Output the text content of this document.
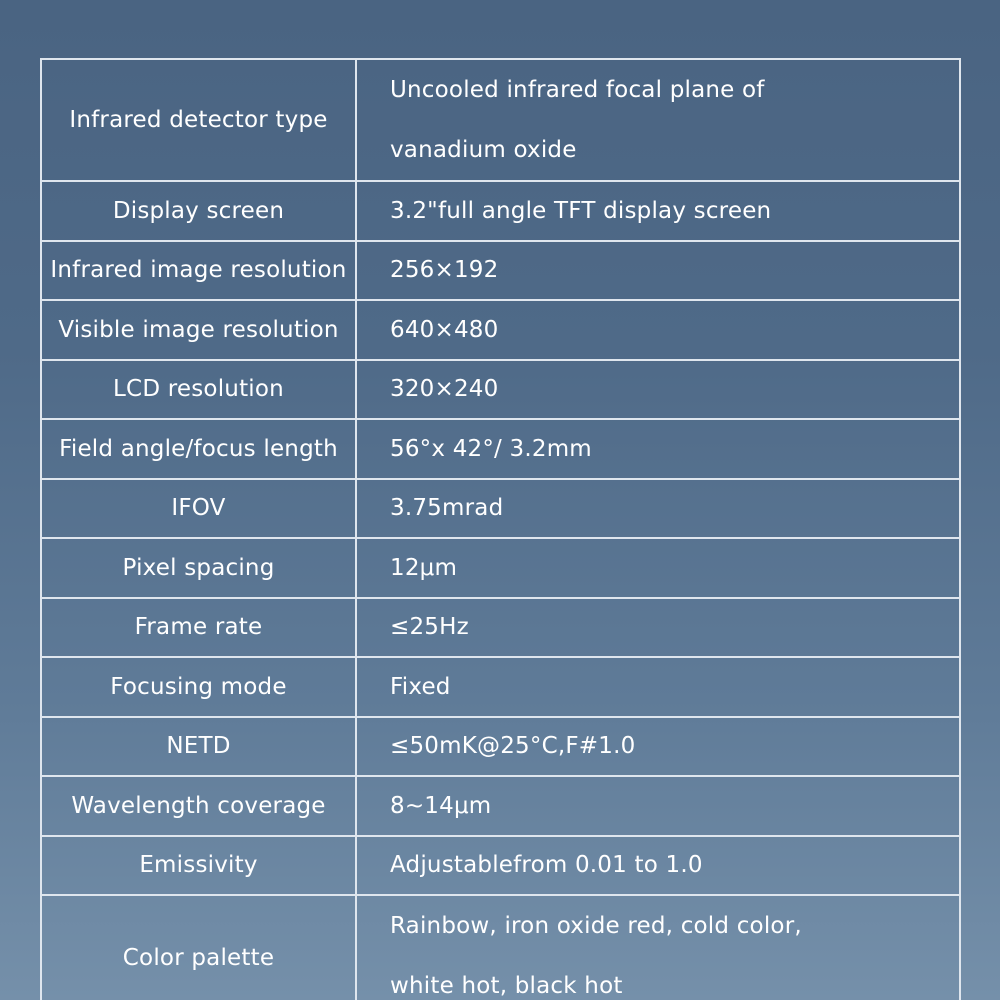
Infrared detector type	Uncooled infrared focal plane of
vanadium oxide

Display screen	3.2"full angle TFT display screen
Infrared image resolution	256×192
Visible image resolution	640×480
LCD resolution	320×240
Field angle/focus length	56°x 42°/ 3.2mm
IFOV	3.75mrad
Pixel spacing	12μm
Frame rate	≤25Hz
Focusing mode	Fixed
NETD	≤50mK@25°C,F#1.0
Wavelength coverage	8~14μm
Emissivity	Adjustablefrom 0.01 to 1.0
Color palette	Rainbow, iron oxide red, cold color,
white hot, black hot
